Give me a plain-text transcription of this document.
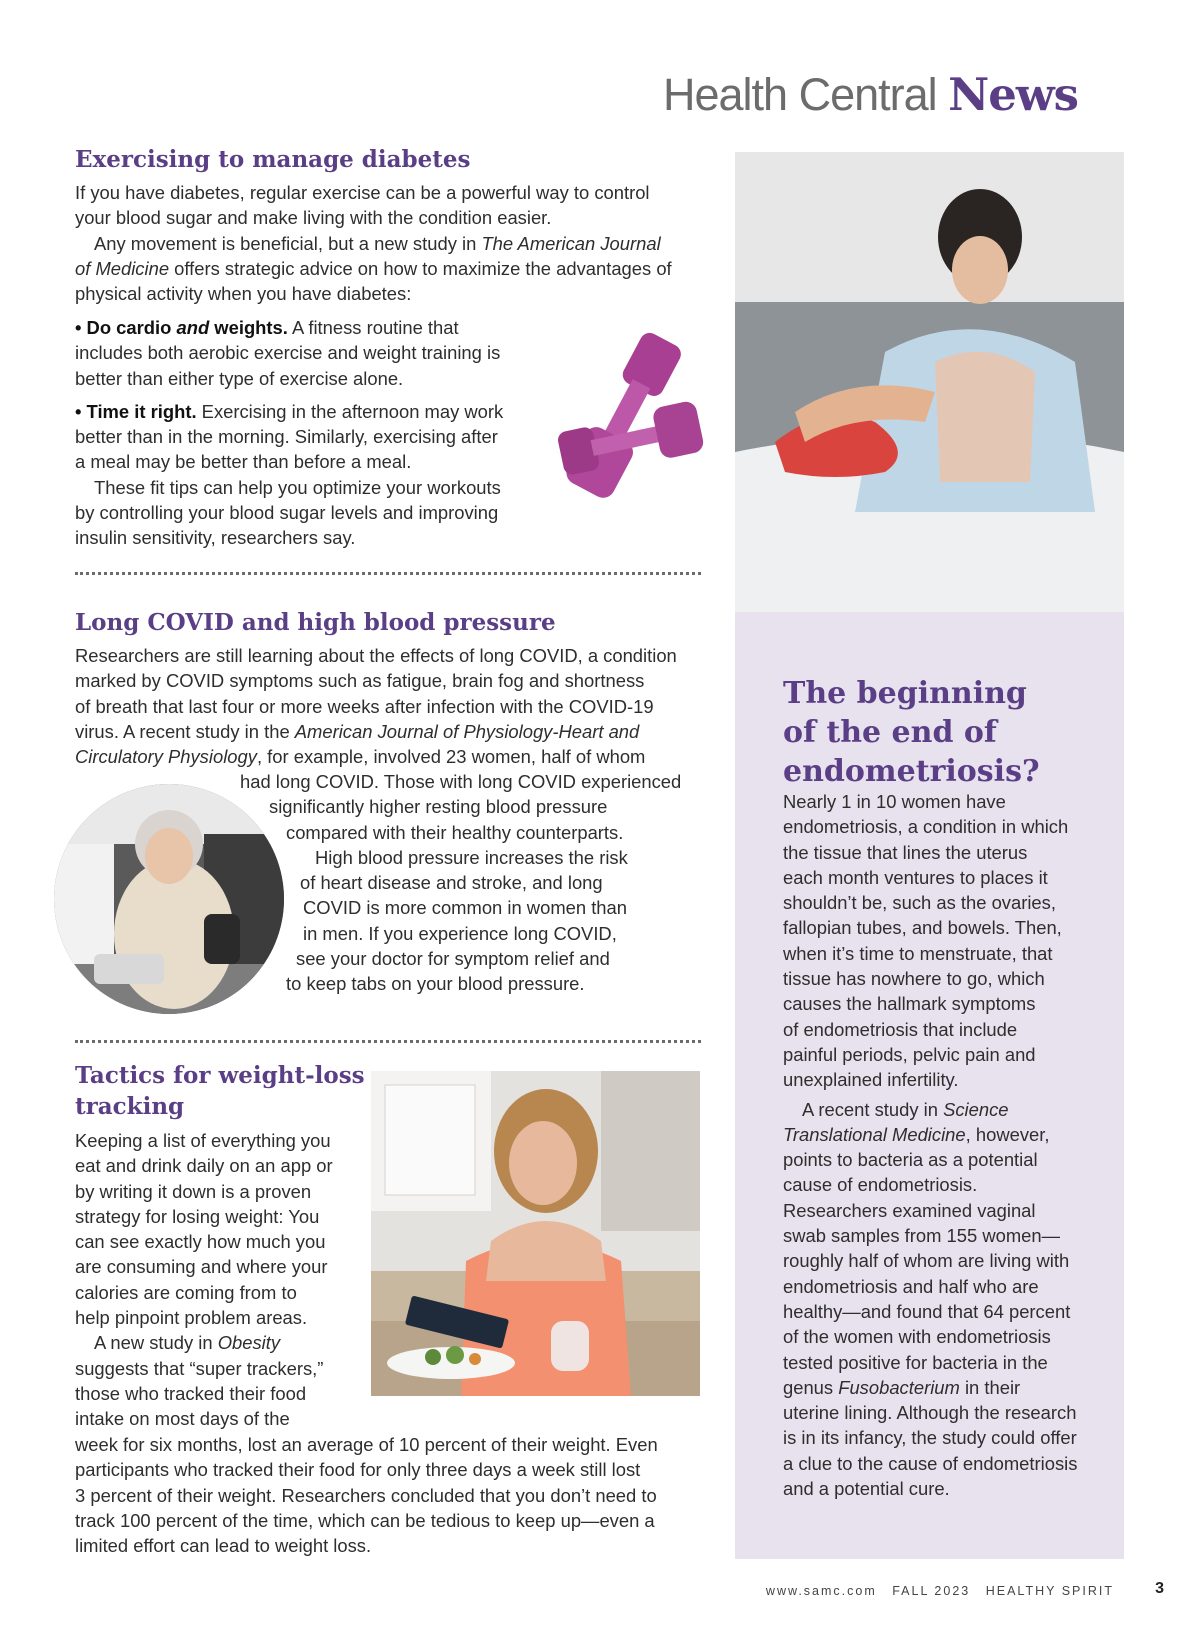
Health Central News
Exercising to manage diabetes
If you have diabetes, regular exercise can be a powerful way to control
your blood sugar and make living with the condition easier.
Any movement is beneficial, but a new study in The American Journal
of Medicine offers strategic advice on how to maximize the advantages of
physical activity when you have diabetes:
• Do cardio and weights. A fitness routine that
includes both aerobic exercise and weight training is
better than either type of exercise alone.
• Time it right. Exercising in the afternoon may work
better than in the morning. Similarly, exercising after
a meal may be better than before a meal.
These fit tips can help you optimize your workouts
by controlling your blood sugar levels and improving
insulin sensitivity, researchers say.
Long COVID and high blood pressure
Researchers are still learning about the effects of long COVID, a condition
marked by COVID symptoms such as fatigue, brain fog and shortness
of breath that last four or more weeks after infection with the COVID-19
virus. A recent study in the American Journal of Physiology-Heart and
Circulatory Physiology, for example, involved 23 women, half of whom
had long COVID. Those with long COVID experienced
significantly higher resting blood pressure
compared with their healthy counterparts.
High blood pressure increases the risk
of heart disease and stroke, and long
COVID is more common in women than
in men. If you experience long COVID,
see your doctor for symptom relief and
to keep tabs on your blood pressure.
Tactics for weight-loss
tracking
Keeping a list of everything you
eat and drink daily on an app or
by writing it down is a proven
strategy for losing weight: You
can see exactly how much you
are consuming and where your
calories are coming from to
help pinpoint problem areas.
A new study in Obesity
suggests that “super trackers,”
those who tracked their food
intake on most days of the
week for six months, lost an average of 10 percent of their weight. Even
participants who tracked their food for only three days a week still lost
3 percent of their weight. Researchers concluded that you don’t need to
track 100 percent of the time, which can be tedious to keep up—even a
limited effort can lead to weight loss.
The beginning
of the end of
endometriosis?
Nearly 1 in 10 women have
endometriosis, a condition in which
the tissue that lines the uterus
each month ventures to places it
shouldn’t be, such as the ovaries,
fallopian tubes, and bowels. Then,
when it’s time to menstruate, that
tissue has nowhere to go, which
causes the hallmark symptoms
of endometriosis that include
painful periods, pelvic pain and
unexplained infertility.
A recent study in Science
Translational Medicine, however,
points to bacteria as a potential
cause of endometriosis.
Researchers examined vaginal
swab samples from 155 women—
roughly half of whom are living with
endometriosis and half who are
healthy—and found that 64 percent
of the women with endometriosis
tested positive for bacteria in the
genus Fusobacterium in their
uterine lining. Although the research
is in its infancy, the study could offer
a clue to the cause of endometriosis
and a potential cure.
www.samc.com FALL 2023 HEALTHY SPIRIT	3
